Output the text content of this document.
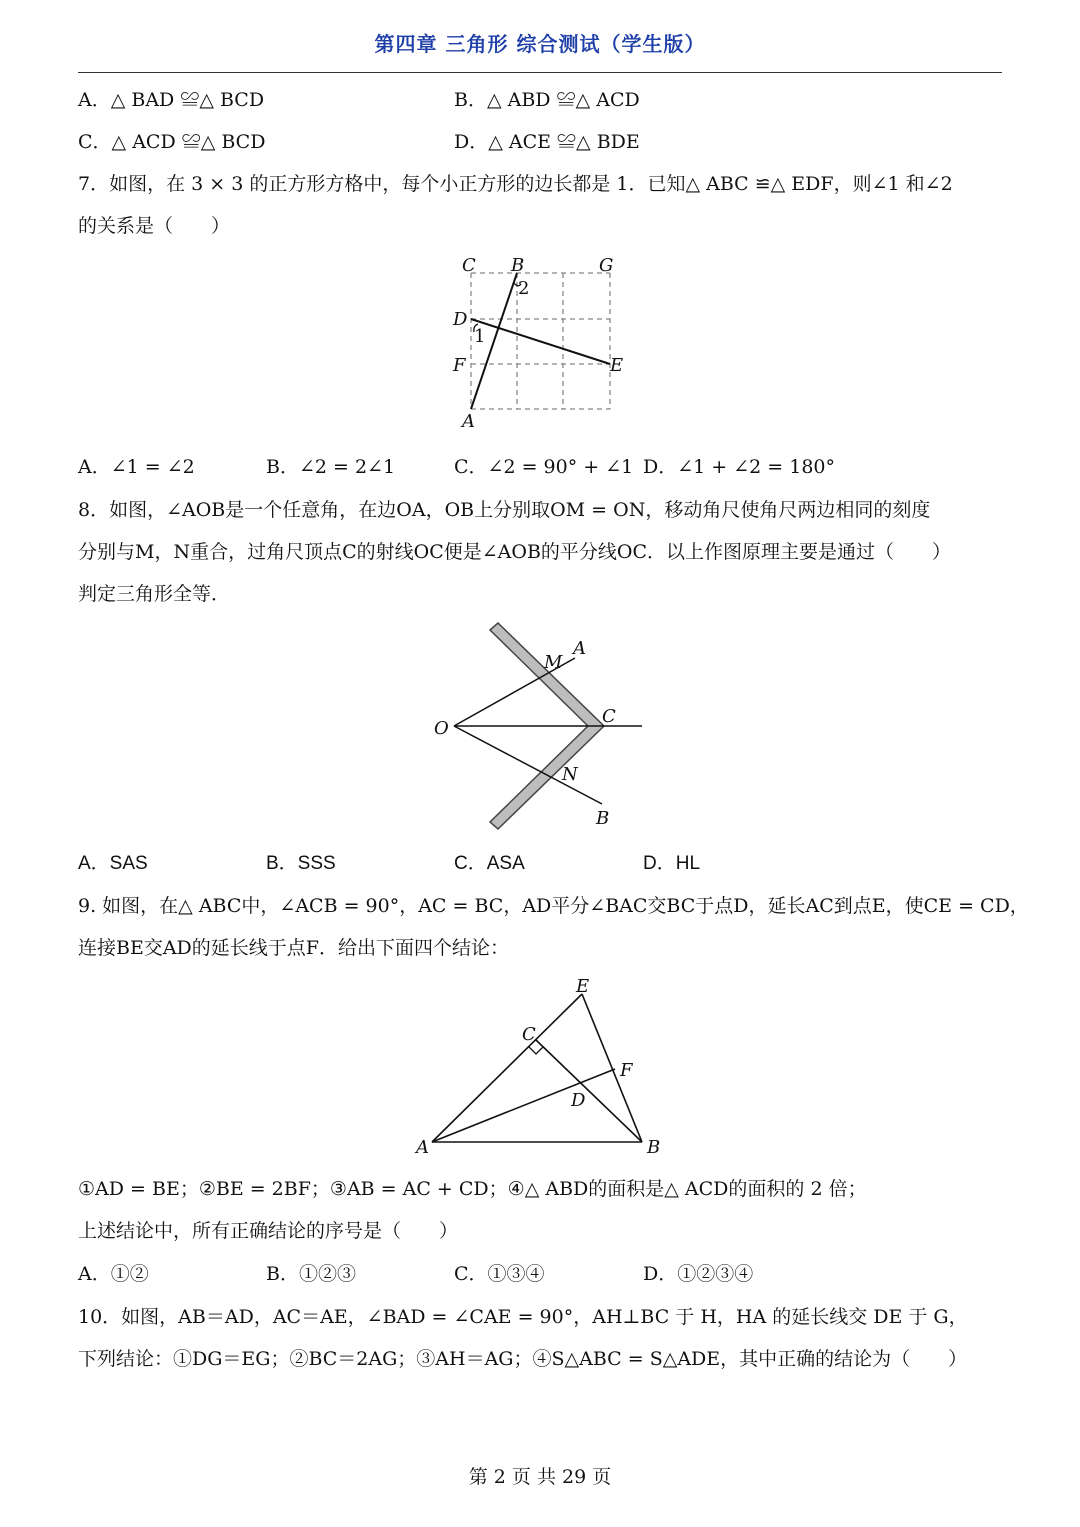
第四章 三角形 综合测试（学生版）
A．△ BAD ≌△ BCD	B．△ ABD ≌△ ACD
C．△ ACD ≌△ BCD	D．△ ACE ≌△ BDE
7．如图，在 3 × 3 的正方形方格中，每个小正方形的边长都是 1．已知△ ABC ≌△ EDF，则∠1 和∠2
的关系是（　　）
C B	G
D
F
A
E
1
2
A．∠1 = ∠2	B．∠2 = 2∠1	C．∠2 = 90° + ∠1 D．∠1 + ∠2 = 180°
8．如图，∠AOB是一个任意角，在边OA，OB上分别取OM = ON，移动角尺使角尺两边相同的刻度
分别与M，N重合，过角尺顶点C的射线OC便是∠AOB的平分线OC．以上作图原理主要是通过（　　）
判定三角形全等．
A
M
C
O
N
B
A．SAS	B．SSS	C．ASA	D．HL
9. 如图，在△ ABC中，∠ACB = 90°，AC = BC，AD平分∠BAC交BC于点D，延长AC到点E，使CE = CD，
连接BE交AD的延长线于点F．给出下面四个结论：
E
C
F
D
A	B
①AD = BE；②BE = 2BF；③AB = AC + CD；④△ ABD的面积是△ ACD的面积的 2 倍；
上述结论中，所有正确结论的序号是（　　）
A．①②	B．①②③	C．①③④	D．①②③④
10．如图，AB＝AD，AC＝AE，∠BAD = ∠CAE = 90°，AH⊥BC 于 H，HA 的延长线交 DE 于 G，
下列结论：①DG＝EG；②BC＝2AG；③AH＝AG；④S△ABC = S△ADE，其中正确的结论为（　　）
第 2 页 共 29 页
